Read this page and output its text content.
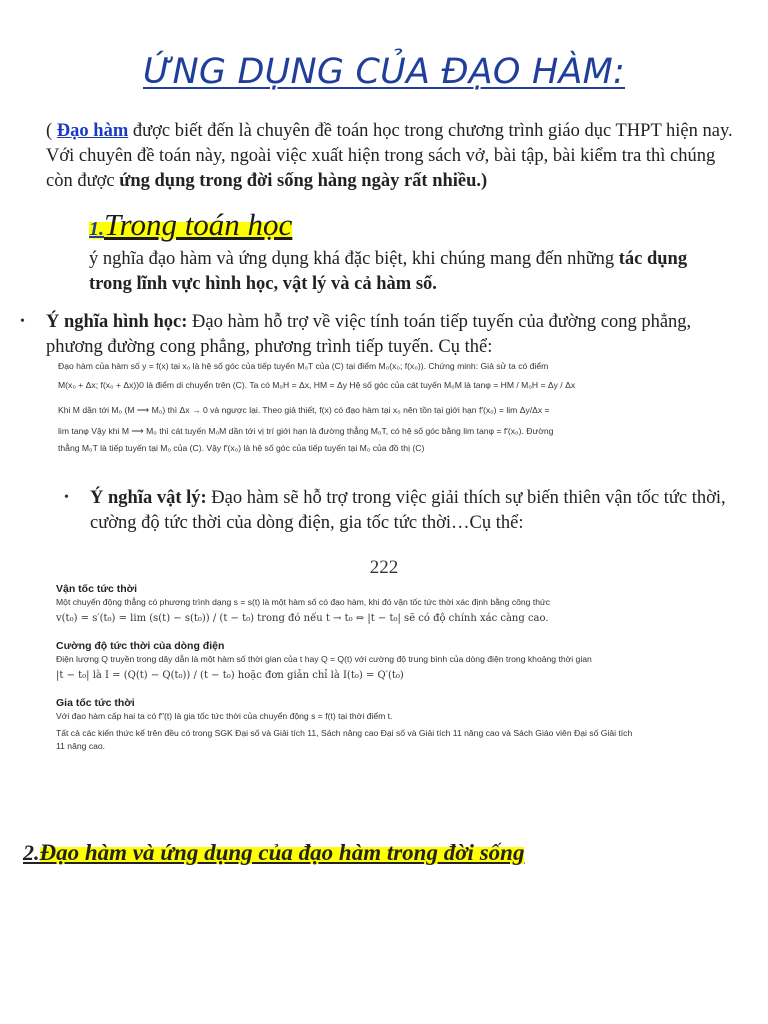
ỨNG DỤNG CỦA ĐẠO HÀM:
( Đạo hàm được biết đến là chuyên đề toán học trong chương trình giáo dục THPT hiện nay. Với chuyên đề toán này, ngoài việc xuất hiện trong sách vở, bài tập, bài kiểm tra thì chúng còn được ứng dụng trong đời sống hàng ngày rất nhiều.)
1.Trong toán học
ý nghĩa đạo hàm và ứng dụng khá đặc biệt, khi chúng mang đến những tác dụng trong lĩnh vực hình học, vật lý và cả hàm số.
• Ý nghĩa hình học: Đạo hàm hỗ trợ về việc tính toán tiếp tuyến của đường cong phẳng, phương đường cong phẳng, phương trình tiếp tuyến. Cụ thể:
Đạo hàm của hàm số y = f(x) tại x₀ là hệ số góc của tiếp tuyến M₀T của (C) tại điểm M₀(x₀; f(x₀)). Chứng minh: Giả sử ta có điểm
M(x₀ + Δx; f(x₀ + Δx))0 là điểm di chuyển trên (C). Ta có M₀H = Δx, HM = Δy Hệ số góc của cát tuyến M₀M là tanφ = HM / M₀H = Δy / Δx
Khi M dần tới M₀ (M ⟶ M₀) thì Δx → 0 và ngược lại. Theo giả thiết, f(x) có đạo hàm tại x₀ nên tồn tại giới hạn f′(x₀) = lim Δy/Δx =
lim tanφ Vậy khi M ⟶ M₀ thì cát tuyến M₀M dần tới vị trí giới hạn là đường thẳng M₀T, có hệ số góc bằng lim tanφ = f′(x₀). Đường
thẳng M₀T là tiếp tuyến tại M₀ của (C). Vậy f′(x₀) là hệ số góc của tiếp tuyến tại M₀ của đồ thị (C)
• Ý nghĩa vật lý: Đạo hàm sẽ hỗ trợ trong việc giải thích sự biến thiên vận tốc tức thời, cường độ tức thời của dòng điện, gia tốc tức thời…Cụ thể:
222
Vận tốc tức thời
Một chuyển động thẳng có phương trình dạng s = s(t) là một hàm số có đạo hàm, khi đó vận tốc tức thời xác định bằng công thức
v(t₀) = s′(t₀) = lim (s(t) − s(t₀)) / (t − t₀) trong đó nếu t → t₀ ⇔ |t − t₀| sẽ có độ chính xác càng cao.
Cường độ tức thời của dòng điện
Điện lượng Q truyền trong dây dẫn là một hàm số thời gian của t hay Q = Q(t) với cường độ trung bình của dòng điện trong khoảng thời gian
|t − t₀| là I = (Q(t) − Q(t₀)) / (t − t₀) hoặc đơn giản chỉ là I(t₀) = Q′(t₀)
Gia tốc tức thời
Với đạo hàm cấp hai ta có f″(t) là gia tốc tức thời của chuyển động s = f(t) tại thời điểm t.
Tất cả các kiến thức kể trên đều có trong SGK Đại số và Giải tích 11, Sách nâng cao Đại số và Giải tích 11 nâng cao và Sách Giáo viên Đại số Giải tích
11 nâng cao.
2.Đạo hàm và ứng dụng của đạo hàm trong đời sống
